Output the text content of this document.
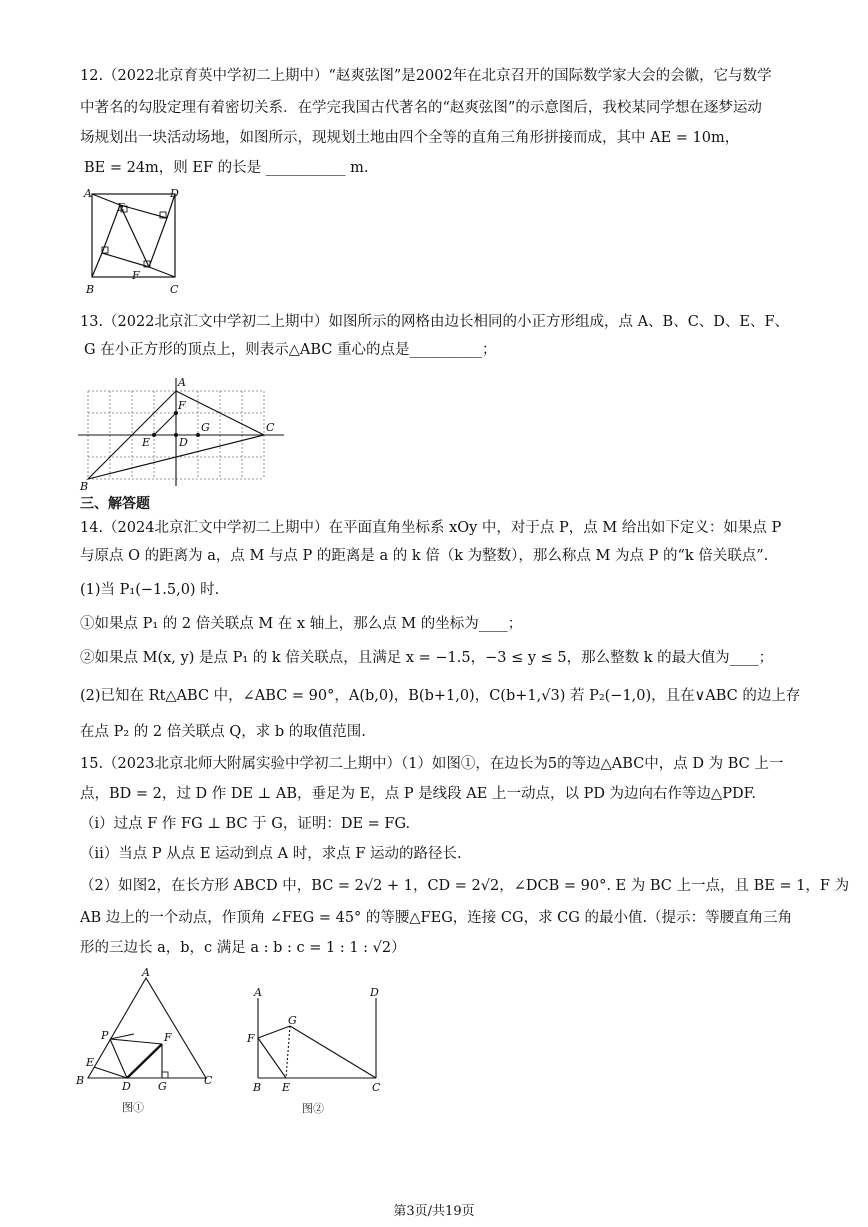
12.（2022北京育英中学初二上期中）“赵爽弦图”是2002年在北京召开的国际数学家大会的会徽，它与数学
中著名的勾股定理有着密切关系．在学完我国古代著名的“赵爽弦图”的示意图后，我校某同学想在逐梦运动
场规划出一块活动场地，如图所示，现规划土地由四个全等的直角三角形拼接而成，其中 AE = 10m，
BE = 24m，则 EF 的长是 ___________ m.
A	D
E
B
F
C
13.（2022北京汇文中学初二上期中）如图所示的网格由边长相同的小正方形组成，点 A、B、C、D、E、F、
G 在小正方形的顶点上，则表示△ABC 重心的点是__________；
A
F
E	D
G	C
B
三、解答题
14.（2024北京汇文中学初二上期中）在平面直角坐标系 xOy 中，对于点 P，点 M 给出如下定义：如果点 P
与原点 O 的距离为 a，点 M 与点 P 的距离是 a 的 k 倍（k 为整数），那么称点 M 为点 P 的“k 倍关联点”.
(1)当 P₁(−1.5,0) 时.
①如果点 P₁ 的 2 倍关联点 M 在 x 轴上，那么点 M 的坐标为____；
②如果点 M(x, y) 是点 P₁ 的 k 倍关联点，且满足 x = −1.5，−3 ≤ y ≤ 5，那么整数 k 的最大值为____；
(2)已知在 Rt△ABC 中，∠ABC = 90°，A(b,0)，B(b+1,0)，C(b+1,√3) 若 P₂(−1,0)，且在∨ABC 的边上存
在点 P₂ 的 2 倍关联点 Q，求 b 的取值范围.
15.（2023北京北师大附属实验中学初二上期中）（1）如图①，在边长为5的等边△ABC中，点 D 为 BC 上一
点，BD = 2，过 D 作 DE ⊥ AB，垂足为 E，点 P 是线段 AE 上一动点，以 PD 为边向右作等边△PDF.
（i）过点 F 作 FG ⊥ BC 于 G，证明：DE = FG.
（ii）当点 P 从点 E 运动到点 A 时，求点 F 运动的路径长.
（2）如图2，在长方形 ABCD 中，BC = 2√2 + 1，CD = 2√2，∠DCB = 90°. E 为 BC 上一点，且 BE = 1，F 为
AB 边上的一个动点，作顶角 ∠FEG = 45° 的等腰△FEG，连接 CG，求 CG 的最小值.（提示：等腰直角三角
形的三边长 a，b，c 满足 a : b : c = 1 : 1 : √2）
A
P	F
E
B	D G	C
图①
A	D
G
F
B E	C
图②
第3页/共19页
